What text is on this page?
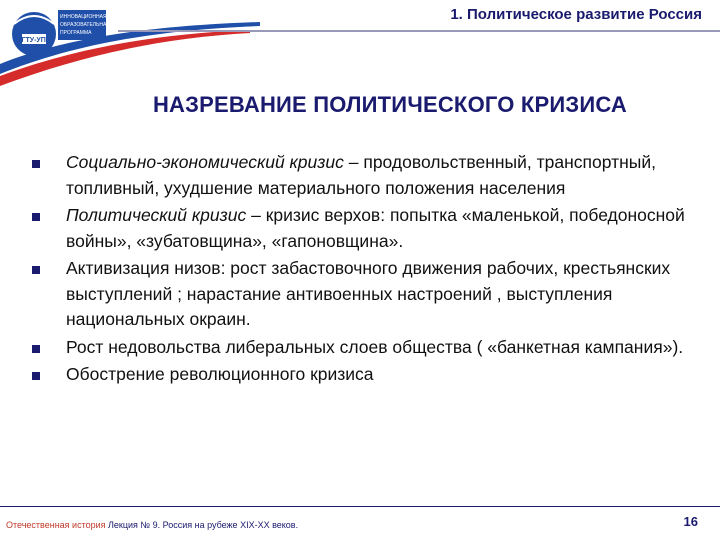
УГТУ-УПИ
ИННОВАЦИОННАЯ
ОБРАЗОВАТЕЛЬНАЯ
ПРОГРАММА
1. Политическое развитие Россия
НАЗРЕВАНИЕ ПОЛИТИЧЕСКОГО КРИЗИСА
Социально-экономический кризис – продовольственный, транспортный, топливный, ухудшение материального положения населения
Политический кризис – кризис верхов: попытка «маленькой, победоносной войны», «зубатовщина», «гапоновщина».
Активизация низов: рост забастовочного движения рабочих, крестьянских выступлений ; нарастание антивоенных настроений , выступления национальных окраин.
Рост недовольства либеральных слоев общества ( «банкетная кампания»).
Обострение революционного кризиса
Отечественная история Лекция № 9. Россия на рубеже XIX-XX веков.	16
